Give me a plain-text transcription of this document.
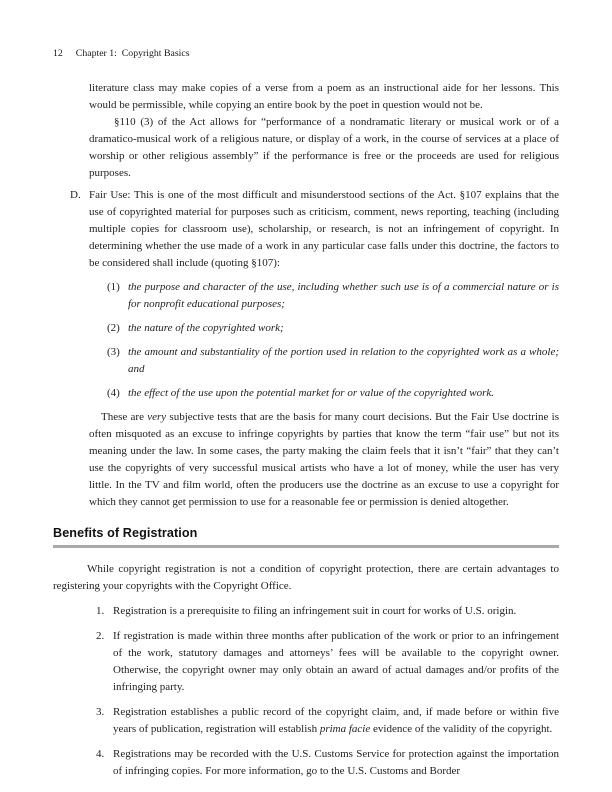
12 Chapter 1:  Copyright Basics

literature class may make copies of a verse from a poem as an instructional aide for her lessons. This would be permissible, while copying an entire book by the poet in question would not be.

§110 (3) of the Act allows for “performance of a nondramatic literary or musical work or of a dramatico-musical work of a religious nature, or display of a work, in the course of services at a place of worship or other religious assembly” if the performance is free or the proceeds are used for religious purposes.

D. Fair Use: This is one of the most difficult and misunderstood sections of the Act. §107 explains that the use of copyrighted material for purposes such as criticism, comment, news reporting, teaching (including multiple copies for classroom use), scholarship, or research, is not an infringement of copyright. In determining whether the use made of a work in any particular case falls under this doctrine, the factors to be considered shall include (quoting §107):

(1) the purpose and character of the use, including whether such use is of a commercial nature or is for nonprofit educational purposes;

(2) the nature of the copyrighted work;

(3) the amount and substantiality of the portion used in relation to the copyrighted work as a whole; and

(4) the effect of the use upon the potential market for or value of the copyrighted work.

These are very subjective tests that are the basis for many court decisions. But the Fair Use doctrine is often misquoted as an excuse to infringe copyrights by parties that know the term “fair use” but not its meaning under the law. In some cases, the party making the claim feels that it isn’t “fair” that they can’t use the copyrights of very successful musical artists who have a lot of money, while the user has very little. In the TV and film world, often the producers use the doctrine as an excuse to use a copyright for which they cannot get permission to use for a reasonable fee or permission is denied altogether.

Benefits of Registration

While copyright registration is not a condition of copyright protection, there are certain advantages to registering your copyrights with the Copyright Office.

1. Registration is a prerequisite to filing an infringement suit in court for works of U.S. origin.

2. If registration is made within three months after publication of the work or prior to an infringement of the work, statutory damages and attorneys’ fees will be available to the copyright owner. Otherwise, the copyright owner may only obtain an award of actual damages and/or profits of the infringing party.

3. Registration establishes a public record of the copyright claim, and, if made before or within five years of publication, registration will establish prima facie evidence of the validity of the copyright.

4. Registrations may be recorded with the U.S. Customs Service for protection against the importation of infringing copies. For more information, go to the U.S. Customs and Border
